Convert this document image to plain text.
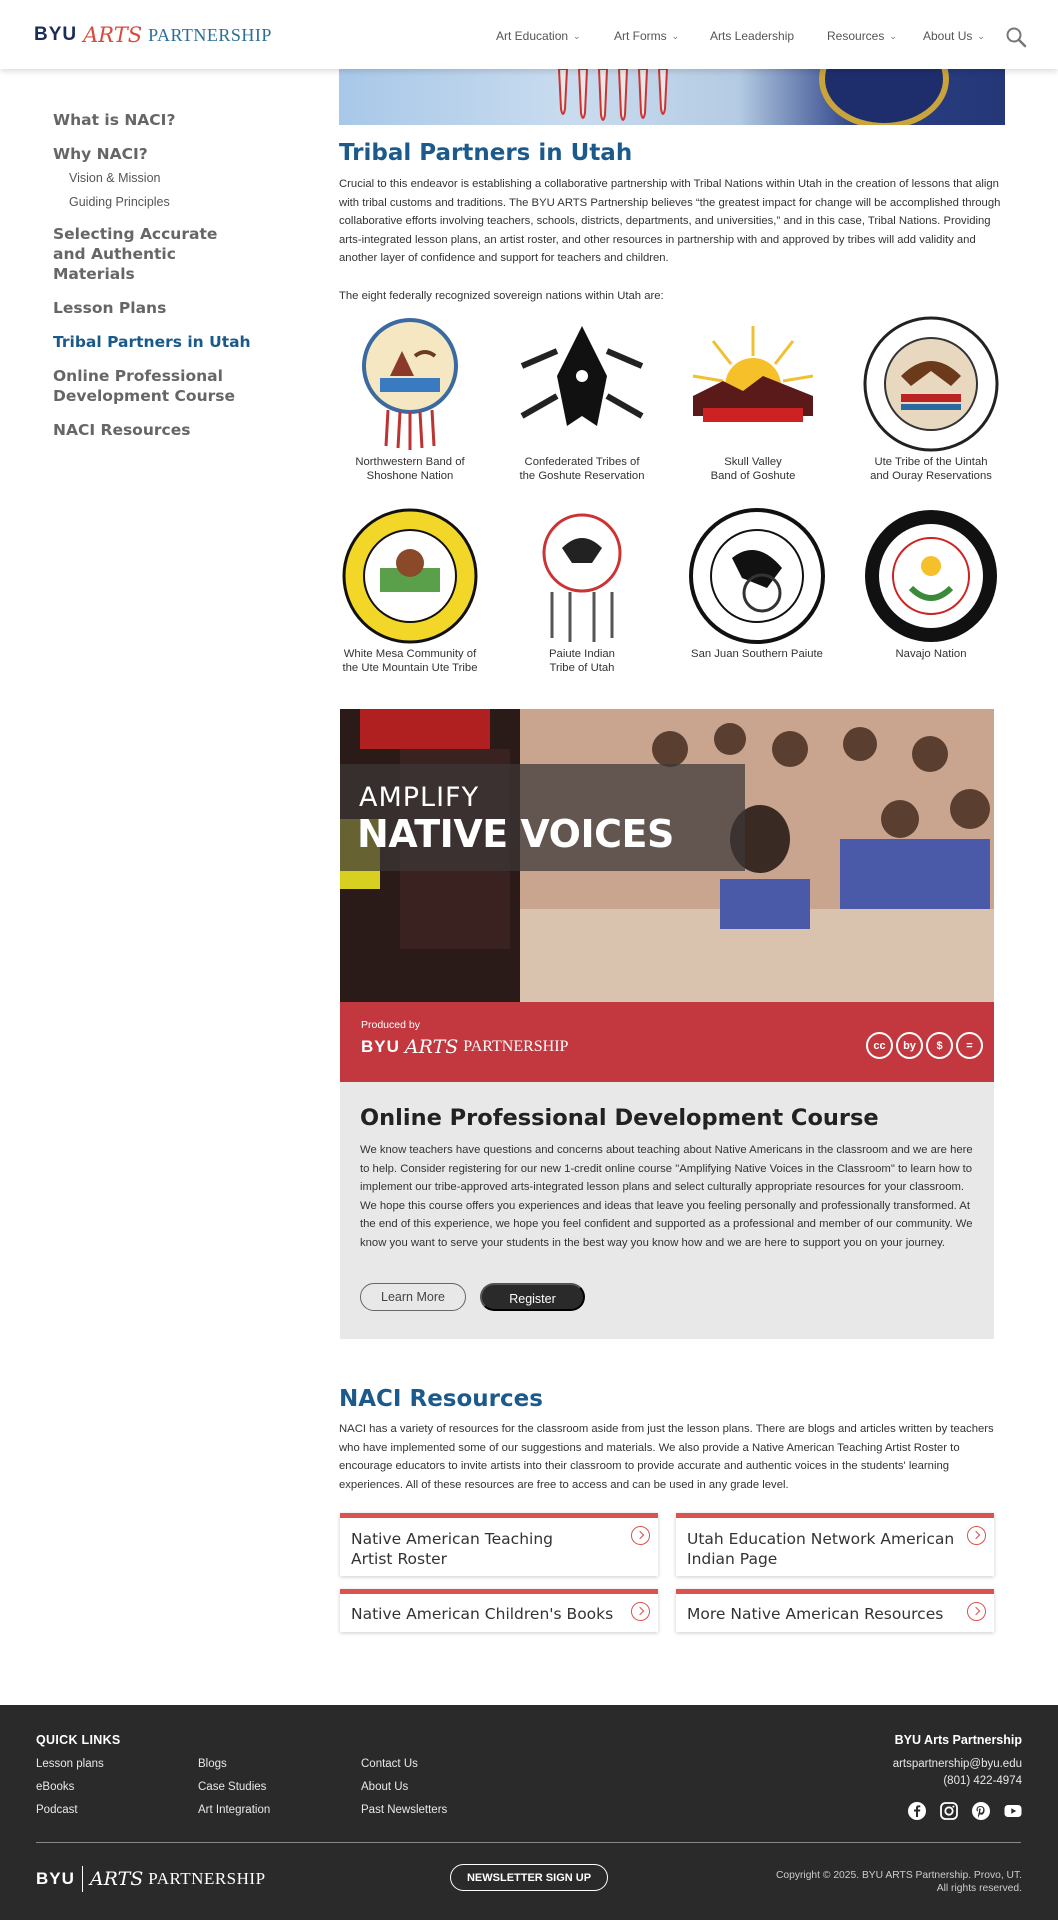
BYU ARTS PARTNERSHIP	Art Education ⌄	Art Forms ⌄	Arts Leadership	Resources ⌄ About Us ⌄
What is NACI?
Why NACI?
Vision & Mission
Guiding Principles
Selecting Accurate and Authentic Materials
Lesson Plans
Tribal Partners in Utah
Online Professional Development Course
NACI Resources
Tribal Partners in Utah

Crucial to this endeavor is establishing a collaborative partnership with Tribal Nations within Utah in the creation of lessons that align with tribal customs and traditions. The BYU ARTS Partnership believes “the greatest impact for change will be accomplished through collaborative efforts involving teachers, schools, districts, departments, and universities,” and in this case, Tribal Nations. Providing arts-integrated lesson plans, an artist roster, and other resources in partnership with and approved by tribes will add validity and another layer of confidence and support for teachers and children.

The eight federally recognized sovereign nations within Utah are:

Northwestern Band of
Shoshone Nation
Confederated Tribes of
the Goshute Reservation
Skull Valley
Band of Goshute
Ute Tribe of the Uintah
and Ouray Reservations
White Mesa Community of
the Ute Mountain Ute Tribe
Paiute Indian
Tribe of Utah
San Juan Southern Paiute	Navajo Nation
AMPLIFY
NATIVE VOICES
Produced by
BYU ARTS PARTNERSHIP	cc	by	$	=
Online Professional Development Course

We know teachers have questions and concerns about teaching about Native Americans in the classroom and we are here to help. Consider registering for our new 1-credit online course "Amplifying Native Voices in the Classroom" to learn how to implement our tribe-approved arts-integrated lesson plans and select culturally appropriate resources for your classroom. We hope this course offers you experiences and ideas that leave you feeling personally and professionally transformed. At the end of this experience, we hope you feel confident and supported as a professional and member of our community. We know you want to serve your students in the best way you know how and we are here to support you on your journey.

Learn More	Register
NACI Resources

NACI has a variety of resources for the classroom aside from just the lesson plans. There are blogs and articles written by teachers who have implemented some of our suggestions and materials. We also provide a Native American Teaching Artist Roster to encourage educators to invite artists into their classroom to provide accurate and authentic voices in the students' learning experiences. All of these resources are free to access and can be used in any grade level.

Native American Teaching
Artist Roster
Utah Education Network American
Indian Page
Native American Children's Books	More Native American Resources
QUICK LINKS
Lesson plans
eBooks
Podcast
Blogs
Case Studies
Art Integration
Contact Us
About Us
Past Newsletters
BYU Arts Partnership
artspartnership@byu.edu
(801) 422-4974
BYU ARTS PARTNERSHIP	NEWSLETTER SIGN UP	Copyright © 2025. BYU ARTS Partnership. Provo, UT.
All rights reserved.
